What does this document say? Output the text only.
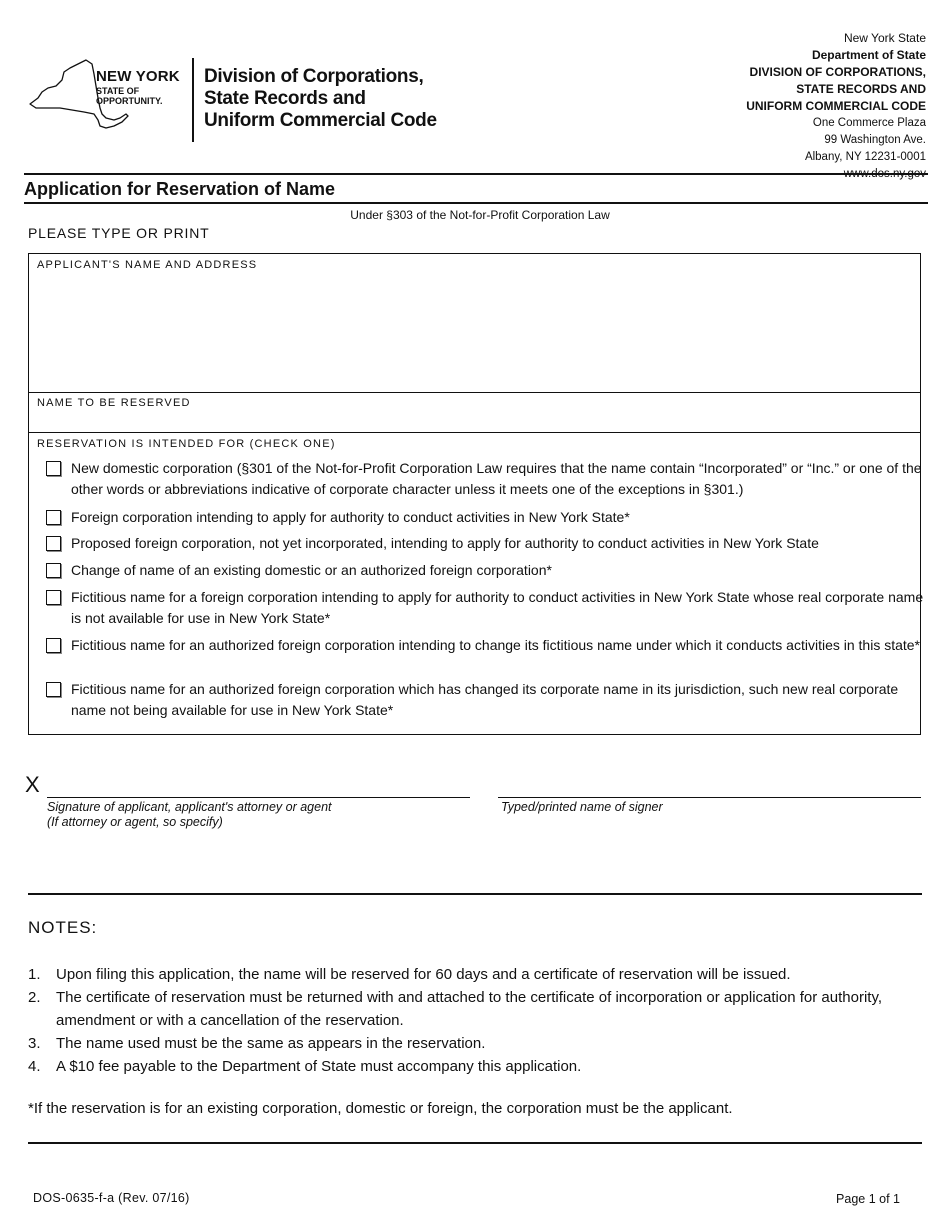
NEW YORK
STATE OF
OPPORTUNITY.
Division of Corporations,
State Records and
Uniform Commercial Code
New York State
Department of State
DIVISION OF CORPORATIONS,
STATE RECORDS AND
UNIFORM COMMERCIAL CODE
One Commerce Plaza
99 Washington Ave.
Albany, NY 12231-0001
Application for Reservation of Name
Under §303 of the Not-for-Profit Corporation Law
PLEASE TYPE OR PRINT
APPLICANT'S NAME AND ADDRESS
NAME TO BE RESERVED
RESERVATION IS INTENDED FOR (CHECK ONE)
New domestic corporation (§301 of the Not-for-Profit Corporation Law requires that the name contain “Incorporated” or “Inc.” or one of the other words or abbreviations indicative of corporate character unless it meets one of the exceptions in §301.)
Foreign corporation intending to apply for authority to conduct activities in New York State*
Proposed foreign corporation, not yet incorporated, intending to apply for authority to conduct activities in New York State
Change of name of an existing domestic or an authorized foreign corporation*
Fictitious name for a foreign corporation intending to apply for authority to conduct activities in New York State whose real corporate name is not available for use in New York State*
Fictitious name for an authorized foreign corporation intending to change its fictitious name under which it conducts activities in this state*
Fictitious name for an authorized foreign corporation which has changed its corporate name in its jurisdiction, such new real corporate name not being available for use in New York State*
X
Signature of applicant, applicant's attorney or agent
(If attorney or agent, so specify)
Typed/printed name of signer
NOTES:
1. Upon filing this application, the name will be reserved for 60 days and a certificate of reservation will be issued.
2. The certificate of reservation must be returned with and attached to the certificate of incorporation or application for authority, amendment or with a cancellation of the reservation.
3. The name used must be the same as appears in the reservation.
4. A $10 fee payable to the Department of State must accompany this application.
*If the reservation is for an existing corporation, domestic or foreign, the corporation must be the applicant.
DOS-0635-f-a (Rev. 07/16)	Page 1 of 1
